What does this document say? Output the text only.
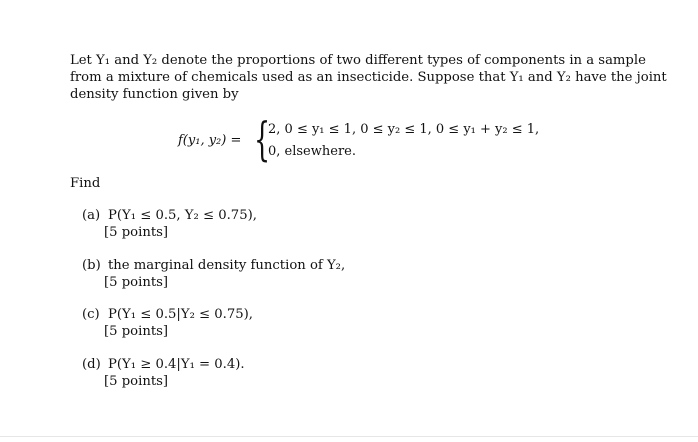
Let Y₁ and Y₂ denote the proportions of two different types of components in a sample from a mixture of chemicals used as an insecticide. Suppose that Y₁ and Y₂ have the joint density function given by
f(y₁, y₂) = {
2, 0 ≤ y₁ ≤ 1, 0 ≤ y₂ ≤ 1, 0 ≤ y₁ + y₂ ≤ 1,
0, elsewhere.
Find
(a) P(Y₁ ≤ 0.5, Y₂ ≤ 0.75),
[5 points]
(b) the marginal density function of Y₂,
[5 points]
(c) P(Y₁ ≤ 0.5|Y₂ ≤ 0.75),
[5 points]
(d) P(Y₁ ≥ 0.4|Y₁ = 0.4).
[5 points]
